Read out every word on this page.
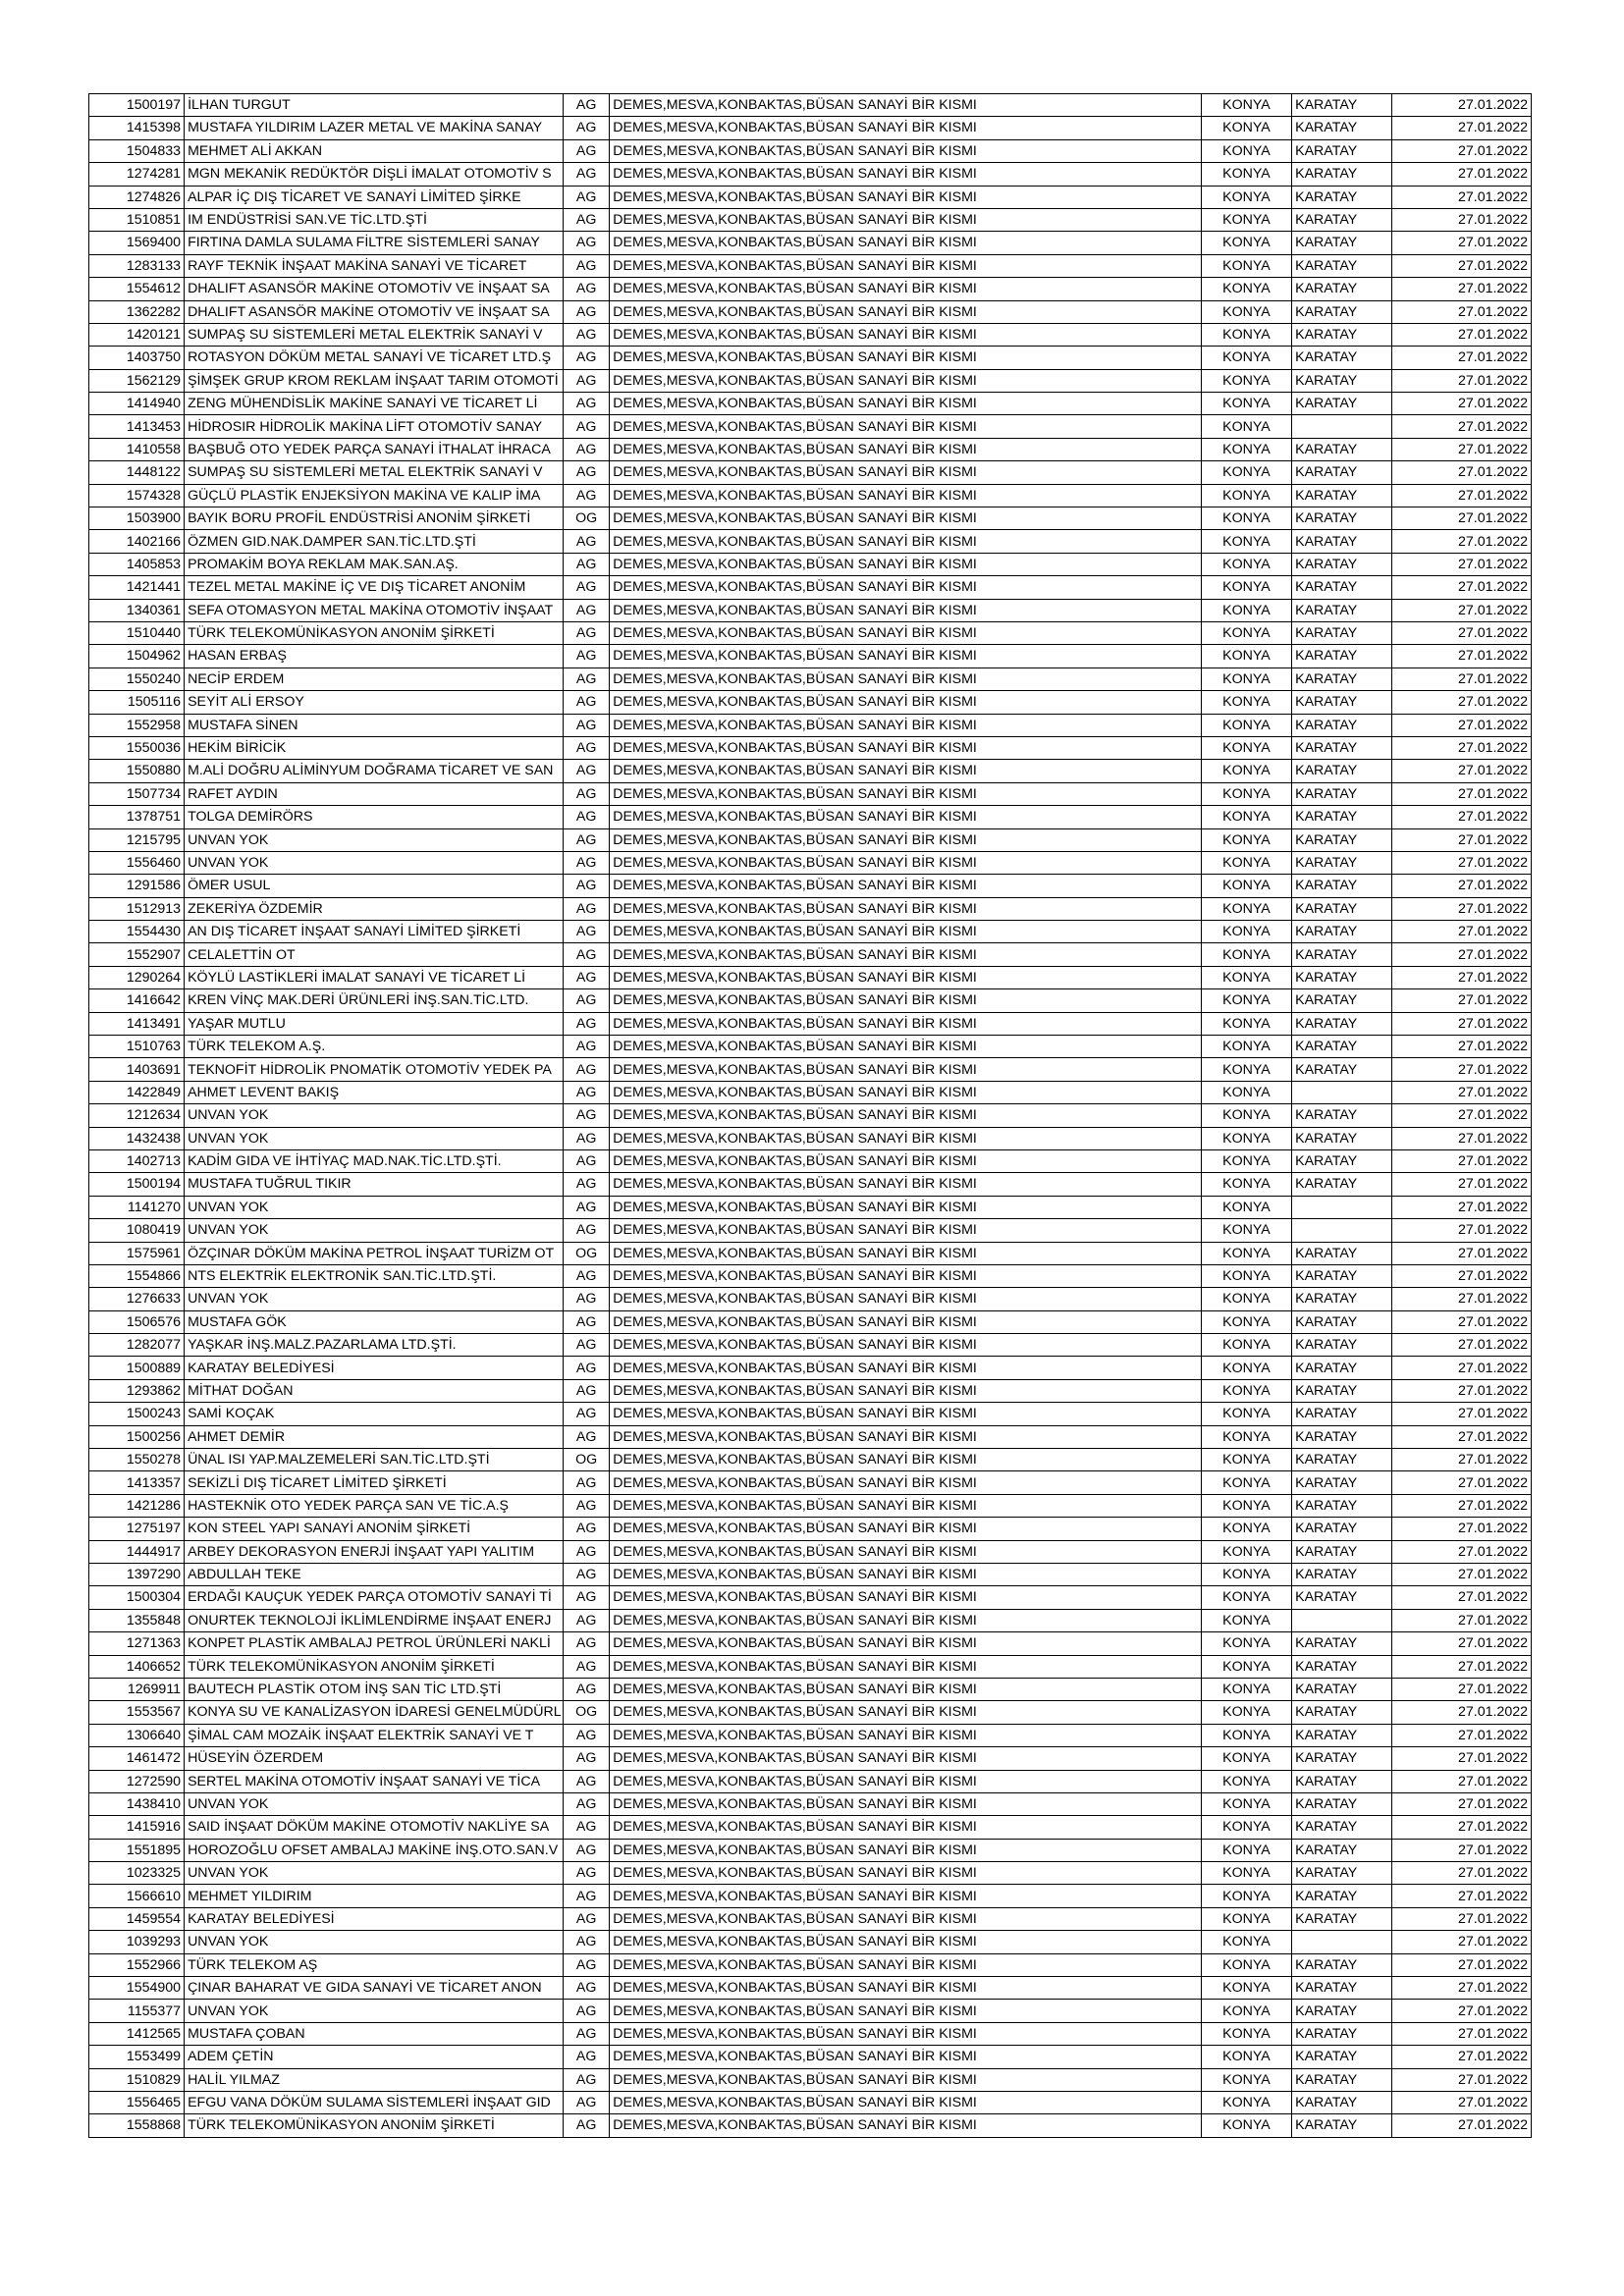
1500197	İLHAN TURGUT	AG	DEMES,MESVA,KONBAKTAS,BÜSAN SANAYİ BİR KISMI	KONYA	KARATAY	27.01.2022
1415398	MUSTAFA YILDIRIM LAZER METAL VE MAKİNA SANAY	AG	DEMES,MESVA,KONBAKTAS,BÜSAN SANAYİ BİR KISMI	KONYA	KARATAY	27.01.2022
1504833	MEHMET ALİ AKKAN	AG	DEMES,MESVA,KONBAKTAS,BÜSAN SANAYİ BİR KISMI	KONYA	KARATAY	27.01.2022
1274281	MGN MEKANİK REDÜKTÖR DİŞLİ İMALAT OTOMOTİV S	AG	DEMES,MESVA,KONBAKTAS,BÜSAN SANAYİ BİR KISMI	KONYA	KARATAY	27.01.2022
1274826	ALPAR İÇ DIŞ TİCARET VE SANAYİ LİMİTED ŞİRKE	AG	DEMES,MESVA,KONBAKTAS,BÜSAN SANAYİ BİR KISMI	KONYA	KARATAY	27.01.2022
1510851	IM ENDÜSTRİSİ SAN.VE TİC.LTD.ŞTİ	AG	DEMES,MESVA,KONBAKTAS,BÜSAN SANAYİ BİR KISMI	KONYA	KARATAY	27.01.2022
1569400	FIRTINA DAMLA SULAMA FİLTRE SİSTEMLERİ SANAY	AG	DEMES,MESVA,KONBAKTAS,BÜSAN SANAYİ BİR KISMI	KONYA	KARATAY	27.01.2022
1283133	RAYF TEKNİK İNŞAAT MAKİNA SANAYİ VE TİCARET	AG	DEMES,MESVA,KONBAKTAS,BÜSAN SANAYİ BİR KISMI	KONYA	KARATAY	27.01.2022
1554612	DHALIFT ASANSÖR MAKİNE OTOMOTİV VE İNŞAAT SA	AG	DEMES,MESVA,KONBAKTAS,BÜSAN SANAYİ BİR KISMI	KONYA	KARATAY	27.01.2022
1362282	DHALIFT ASANSÖR MAKİNE OTOMOTİV VE İNŞAAT SA	AG	DEMES,MESVA,KONBAKTAS,BÜSAN SANAYİ BİR KISMI	KONYA	KARATAY	27.01.2022
1420121	SUMPAŞ SU SİSTEMLERİ METAL ELEKTRİK SANAYİ V	AG	DEMES,MESVA,KONBAKTAS,BÜSAN SANAYİ BİR KISMI	KONYA	KARATAY	27.01.2022
1403750	ROTASYON DÖKÜM METAL SANAYİ VE TİCARET LTD.Ş	AG	DEMES,MESVA,KONBAKTAS,BÜSAN SANAYİ BİR KISMI	KONYA	KARATAY	27.01.2022
1562129	ŞİMŞEK GRUP KROM REKLAM İNŞAAT TARIM OTOMOTİ	AG	DEMES,MESVA,KONBAKTAS,BÜSAN SANAYİ BİR KISMI	KONYA	KARATAY	27.01.2022
1414940	ZENG MÜHENDİSLİK MAKİNE SANAYİ VE TİCARET Lİ	AG	DEMES,MESVA,KONBAKTAS,BÜSAN SANAYİ BİR KISMI	KONYA	KARATAY	27.01.2022
1413453	HİDROSIR HİDROLİK MAKİNA LİFT OTOMOTİV SANAY	AG	DEMES,MESVA,KONBAKTAS,BÜSAN SANAYİ BİR KISMI	KONYA		27.01.2022
1410558	BAŞBUĞ OTO YEDEK PARÇA SANAYİ İTHALAT İHRACA	AG	DEMES,MESVA,KONBAKTAS,BÜSAN SANAYİ BİR KISMI	KONYA	KARATAY	27.01.2022
1448122	SUMPAŞ SU SİSTEMLERİ METAL ELEKTRİK SANAYİ V	AG	DEMES,MESVA,KONBAKTAS,BÜSAN SANAYİ BİR KISMI	KONYA	KARATAY	27.01.2022
1574328	GÜÇLÜ PLASTİK ENJEKSİYON MAKİNA VE KALIP İMA	AG	DEMES,MESVA,KONBAKTAS,BÜSAN SANAYİ BİR KISMI	KONYA	KARATAY	27.01.2022
1503900	BAYIK BORU PROFİL ENDÜSTRİSİ ANONİM ŞİRKETİ	OG	DEMES,MESVA,KONBAKTAS,BÜSAN SANAYİ BİR KISMI	KONYA	KARATAY	27.01.2022
1402166	ÖZMEN GID.NAK.DAMPER SAN.TİC.LTD.ŞTİ	AG	DEMES,MESVA,KONBAKTAS,BÜSAN SANAYİ BİR KISMI	KONYA	KARATAY	27.01.2022
1405853	PROMAKİM BOYA REKLAM MAK.SAN.AŞ.	AG	DEMES,MESVA,KONBAKTAS,BÜSAN SANAYİ BİR KISMI	KONYA	KARATAY	27.01.2022
1421441	TEZEL METAL MAKİNE İÇ VE DIŞ TİCARET ANONİM	AG	DEMES,MESVA,KONBAKTAS,BÜSAN SANAYİ BİR KISMI	KONYA	KARATAY	27.01.2022
1340361	SEFA OTOMASYON METAL MAKİNA OTOMOTİV İNŞAAT	AG	DEMES,MESVA,KONBAKTAS,BÜSAN SANAYİ BİR KISMI	KONYA	KARATAY	27.01.2022
1510440	TÜRK TELEKOMÜNİKASYON ANONİM ŞİRKETİ	AG	DEMES,MESVA,KONBAKTAS,BÜSAN SANAYİ BİR KISMI	KONYA	KARATAY	27.01.2022
1504962	HASAN ERBAŞ	AG	DEMES,MESVA,KONBAKTAS,BÜSAN SANAYİ BİR KISMI	KONYA	KARATAY	27.01.2022
1550240	NECİP ERDEM	AG	DEMES,MESVA,KONBAKTAS,BÜSAN SANAYİ BİR KISMI	KONYA	KARATAY	27.01.2022
1505116	SEYİT ALİ ERSOY	AG	DEMES,MESVA,KONBAKTAS,BÜSAN SANAYİ BİR KISMI	KONYA	KARATAY	27.01.2022
1552958	MUSTAFA SİNEN	AG	DEMES,MESVA,KONBAKTAS,BÜSAN SANAYİ BİR KISMI	KONYA	KARATAY	27.01.2022
1550036	HEKİM BİRİCİK	AG	DEMES,MESVA,KONBAKTAS,BÜSAN SANAYİ BİR KISMI	KONYA	KARATAY	27.01.2022
1550880	M.ALİ DOĞRU ALİMİNYUM DOĞRAMA TİCARET VE SAN	AG	DEMES,MESVA,KONBAKTAS,BÜSAN SANAYİ BİR KISMI	KONYA	KARATAY	27.01.2022
1507734	RAFET AYDIN	AG	DEMES,MESVA,KONBAKTAS,BÜSAN SANAYİ BİR KISMI	KONYA	KARATAY	27.01.2022
1378751	TOLGA DEMİRÖRS	AG	DEMES,MESVA,KONBAKTAS,BÜSAN SANAYİ BİR KISMI	KONYA	KARATAY	27.01.2022
1215795	UNVAN YOK	AG	DEMES,MESVA,KONBAKTAS,BÜSAN SANAYİ BİR KISMI	KONYA	KARATAY	27.01.2022
1556460	UNVAN YOK	AG	DEMES,MESVA,KONBAKTAS,BÜSAN SANAYİ BİR KISMI	KONYA	KARATAY	27.01.2022
1291586	ÖMER USUL	AG	DEMES,MESVA,KONBAKTAS,BÜSAN SANAYİ BİR KISMI	KONYA	KARATAY	27.01.2022
1512913	ZEKERİYA ÖZDEMİR	AG	DEMES,MESVA,KONBAKTAS,BÜSAN SANAYİ BİR KISMI	KONYA	KARATAY	27.01.2022
1554430	AN DIŞ TİCARET İNŞAAT SANAYİ LİMİTED ŞİRKETİ	AG	DEMES,MESVA,KONBAKTAS,BÜSAN SANAYİ BİR KISMI	KONYA	KARATAY	27.01.2022
1552907	CELALETTİN OT	AG	DEMES,MESVA,KONBAKTAS,BÜSAN SANAYİ BİR KISMI	KONYA	KARATAY	27.01.2022
1290264	KÖYLÜ LASTİKLERİ İMALAT SANAYİ VE TİCARET Lİ	AG	DEMES,MESVA,KONBAKTAS,BÜSAN SANAYİ BİR KISMI	KONYA	KARATAY	27.01.2022
1416642	KREN VİNÇ MAK.DERİ ÜRÜNLERİ İNŞ.SAN.TİC.LTD.	AG	DEMES,MESVA,KONBAKTAS,BÜSAN SANAYİ BİR KISMI	KONYA	KARATAY	27.01.2022
1413491	YAŞAR MUTLU	AG	DEMES,MESVA,KONBAKTAS,BÜSAN SANAYİ BİR KISMI	KONYA	KARATAY	27.01.2022
1510763	TÜRK TELEKOM A.Ş.	AG	DEMES,MESVA,KONBAKTAS,BÜSAN SANAYİ BİR KISMI	KONYA	KARATAY	27.01.2022
1403691	TEKNOFİT HİDROLİK PNOMATİK OTOMOTİV YEDEK PA	AG	DEMES,MESVA,KONBAKTAS,BÜSAN SANAYİ BİR KISMI	KONYA	KARATAY	27.01.2022
1422849	AHMET LEVENT BAKIŞ	AG	DEMES,MESVA,KONBAKTAS,BÜSAN SANAYİ BİR KISMI	KONYA		27.01.2022
1212634	UNVAN YOK	AG	DEMES,MESVA,KONBAKTAS,BÜSAN SANAYİ BİR KISMI	KONYA	KARATAY	27.01.2022
1432438	UNVAN YOK	AG	DEMES,MESVA,KONBAKTAS,BÜSAN SANAYİ BİR KISMI	KONYA	KARATAY	27.01.2022
1402713	KADİM GIDA VE İHTİYAÇ MAD.NAK.TİC.LTD.ŞTİ.	AG	DEMES,MESVA,KONBAKTAS,BÜSAN SANAYİ BİR KISMI	KONYA	KARATAY	27.01.2022
1500194	MUSTAFA TUĞRUL TIKIR	AG	DEMES,MESVA,KONBAKTAS,BÜSAN SANAYİ BİR KISMI	KONYA	KARATAY	27.01.2022
1141270	UNVAN YOK	AG	DEMES,MESVA,KONBAKTAS,BÜSAN SANAYİ BİR KISMI	KONYA		27.01.2022
1080419	UNVAN YOK	AG	DEMES,MESVA,KONBAKTAS,BÜSAN SANAYİ BİR KISMI	KONYA		27.01.2022
1575961	ÖZÇINAR DÖKÜM MAKİNA PETROL İNŞAAT TURİZM OT	OG	DEMES,MESVA,KONBAKTAS,BÜSAN SANAYİ BİR KISMI	KONYA	KARATAY	27.01.2022
1554866	NTS ELEKTRİK ELEKTRONİK SAN.TİC.LTD.ŞTİ.	AG	DEMES,MESVA,KONBAKTAS,BÜSAN SANAYİ BİR KISMI	KONYA	KARATAY	27.01.2022
1276633	UNVAN YOK	AG	DEMES,MESVA,KONBAKTAS,BÜSAN SANAYİ BİR KISMI	KONYA	KARATAY	27.01.2022
1506576	MUSTAFA GÖK	AG	DEMES,MESVA,KONBAKTAS,BÜSAN SANAYİ BİR KISMI	KONYA	KARATAY	27.01.2022
1282077	YAŞKAR İNŞ.MALZ.PAZARLAMA LTD.ŞTİ.	AG	DEMES,MESVA,KONBAKTAS,BÜSAN SANAYİ BİR KISMI	KONYA	KARATAY	27.01.2022
1500889	KARATAY BELEDİYESİ	AG	DEMES,MESVA,KONBAKTAS,BÜSAN SANAYİ BİR KISMI	KONYA	KARATAY	27.01.2022
1293862	MİTHAT DOĞAN	AG	DEMES,MESVA,KONBAKTAS,BÜSAN SANAYİ BİR KISMI	KONYA	KARATAY	27.01.2022
1500243	SAMİ KOÇAK	AG	DEMES,MESVA,KONBAKTAS,BÜSAN SANAYİ BİR KISMI	KONYA	KARATAY	27.01.2022
1500256	AHMET DEMİR	AG	DEMES,MESVA,KONBAKTAS,BÜSAN SANAYİ BİR KISMI	KONYA	KARATAY	27.01.2022
1550278	ÜNAL ISI YAP.MALZEMELERİ SAN.TİC.LTD.ŞTİ	OG	DEMES,MESVA,KONBAKTAS,BÜSAN SANAYİ BİR KISMI	KONYA	KARATAY	27.01.2022
1413357	SEKİZLİ DIŞ TİCARET LİMİTED ŞİRKETİ	AG	DEMES,MESVA,KONBAKTAS,BÜSAN SANAYİ BİR KISMI	KONYA	KARATAY	27.01.2022
1421286	HASTEKNİK OTO YEDEK PARÇA SAN VE TİC.A.Ş	AG	DEMES,MESVA,KONBAKTAS,BÜSAN SANAYİ BİR KISMI	KONYA	KARATAY	27.01.2022
1275197	KON STEEL YAPI SANAYİ ANONİM ŞİRKETİ	AG	DEMES,MESVA,KONBAKTAS,BÜSAN SANAYİ BİR KISMI	KONYA	KARATAY	27.01.2022
1444917	ARBEY DEKORASYON ENERJİ İNŞAAT YAPI YALITIM	AG	DEMES,MESVA,KONBAKTAS,BÜSAN SANAYİ BİR KISMI	KONYA	KARATAY	27.01.2022
1397290	ABDULLAH TEKE	AG	DEMES,MESVA,KONBAKTAS,BÜSAN SANAYİ BİR KISMI	KONYA	KARATAY	27.01.2022
1500304	ERDAĞI KAUÇUK YEDEK PARÇA OTOMOTİV SANAYİ Tİ	AG	DEMES,MESVA,KONBAKTAS,BÜSAN SANAYİ BİR KISMI	KONYA	KARATAY	27.01.2022
1355848	ONURTEK TEKNOLOJİ İKLİMLENDİRME İNŞAAT ENERJ	AG	DEMES,MESVA,KONBAKTAS,BÜSAN SANAYİ BİR KISMI	KONYA		27.01.2022
1271363	KONPET PLASTİK AMBALAJ PETROL ÜRÜNLERİ NAKLİ	AG	DEMES,MESVA,KONBAKTAS,BÜSAN SANAYİ BİR KISMI	KONYA	KARATAY	27.01.2022
1406652	TÜRK TELEKOMÜNİKASYON ANONİM ŞİRKETİ	AG	DEMES,MESVA,KONBAKTAS,BÜSAN SANAYİ BİR KISMI	KONYA	KARATAY	27.01.2022
1269911	BAUTECH PLASTİK OTOM İNŞ SAN TİC LTD.ŞTİ	AG	DEMES,MESVA,KONBAKTAS,BÜSAN SANAYİ BİR KISMI	KONYA	KARATAY	27.01.2022
1553567	KONYA SU VE KANALİZASYON İDARESİ GENELMÜDÜRL	OG	DEMES,MESVA,KONBAKTAS,BÜSAN SANAYİ BİR KISMI	KONYA	KARATAY	27.01.2022
1306640	ŞİMAL CAM MOZAİK İNŞAAT ELEKTRİK SANAYİ VE T	AG	DEMES,MESVA,KONBAKTAS,BÜSAN SANAYİ BİR KISMI	KONYA	KARATAY	27.01.2022
1461472	HÜSEYİN ÖZERDEM	AG	DEMES,MESVA,KONBAKTAS,BÜSAN SANAYİ BİR KISMI	KONYA	KARATAY	27.01.2022
1272590	SERTEL MAKİNA OTOMOTİV İNŞAAT SANAYİ VE TİCA	AG	DEMES,MESVA,KONBAKTAS,BÜSAN SANAYİ BİR KISMI	KONYA	KARATAY	27.01.2022
1438410	UNVAN YOK	AG	DEMES,MESVA,KONBAKTAS,BÜSAN SANAYİ BİR KISMI	KONYA	KARATAY	27.01.2022
1415916	SAID İNŞAAT DÖKÜM MAKİNE OTOMOTİV NAKLİYE SA	AG	DEMES,MESVA,KONBAKTAS,BÜSAN SANAYİ BİR KISMI	KONYA	KARATAY	27.01.2022
1551895	HOROZOĞLU OFSET AMBALAJ MAKİNE İNŞ.OTO.SAN.V	AG	DEMES,MESVA,KONBAKTAS,BÜSAN SANAYİ BİR KISMI	KONYA	KARATAY	27.01.2022
1023325	UNVAN YOK	AG	DEMES,MESVA,KONBAKTAS,BÜSAN SANAYİ BİR KISMI	KONYA	KARATAY	27.01.2022
1566610	MEHMET YILDIRIM	AG	DEMES,MESVA,KONBAKTAS,BÜSAN SANAYİ BİR KISMI	KONYA	KARATAY	27.01.2022
1459554	KARATAY BELEDİYESİ	AG	DEMES,MESVA,KONBAKTAS,BÜSAN SANAYİ BİR KISMI	KONYA	KARATAY	27.01.2022
1039293	UNVAN YOK	AG	DEMES,MESVA,KONBAKTAS,BÜSAN SANAYİ BİR KISMI	KONYA		27.01.2022
1552966	TÜRK TELEKOM AŞ	AG	DEMES,MESVA,KONBAKTAS,BÜSAN SANAYİ BİR KISMI	KONYA	KARATAY	27.01.2022
1554900	ÇINAR BAHARAT VE GIDA SANAYİ VE TİCARET ANON	AG	DEMES,MESVA,KONBAKTAS,BÜSAN SANAYİ BİR KISMI	KONYA	KARATAY	27.01.2022
1155377	UNVAN YOK	AG	DEMES,MESVA,KONBAKTAS,BÜSAN SANAYİ BİR KISMI	KONYA	KARATAY	27.01.2022
1412565	MUSTAFA ÇOBAN	AG	DEMES,MESVA,KONBAKTAS,BÜSAN SANAYİ BİR KISMI	KONYA	KARATAY	27.01.2022
1553499	ADEM ÇETİN	AG	DEMES,MESVA,KONBAKTAS,BÜSAN SANAYİ BİR KISMI	KONYA	KARATAY	27.01.2022
1510829	HALİL YILMAZ	AG	DEMES,MESVA,KONBAKTAS,BÜSAN SANAYİ BİR KISMI	KONYA	KARATAY	27.01.2022
1556465	EFGU VANA DÖKÜM SULAMA SİSTEMLERİ İNŞAAT GID	AG	DEMES,MESVA,KONBAKTAS,BÜSAN SANAYİ BİR KISMI	KONYA	KARATAY	27.01.2022
1558868	TÜRK TELEKOMÜNİKASYON ANONİM ŞİRKETİ	AG	DEMES,MESVA,KONBAKTAS,BÜSAN SANAYİ BİR KISMI	KONYA	KARATAY	27.01.2022
